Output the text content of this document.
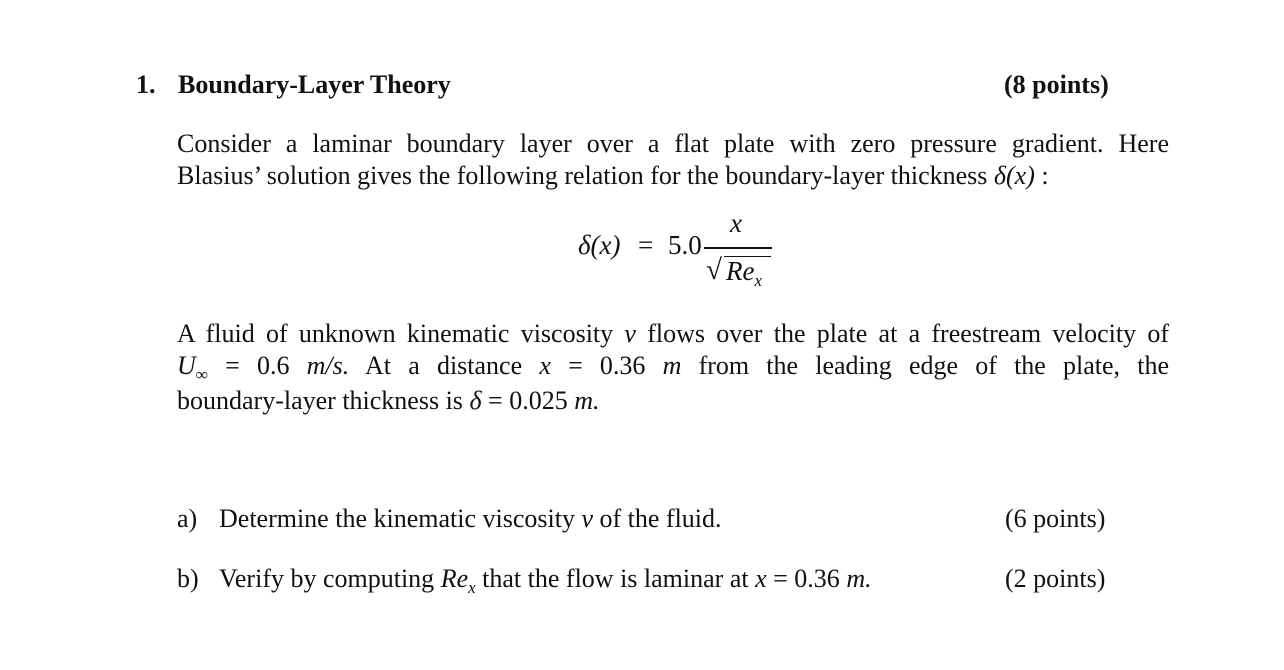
1. Boundary-Layer Theory	(8 points)
Consider a laminar boundary layer over a flat plate with zero pressure gradient. Here
Blasius’ solution gives the following relation for the boundary-layer thickness δ(x) :
δ(x) = 5.0
x
√ $Re_x$
A fluid of unknown kinematic viscosity ν flows over the plate at a freestream velocity of
$U_\infty = 0.6$ m/s. At a distance x = 0.36 m from the leading edge of the plate, the
boundary-layer thickness is δ = 0.025 m.
a) Determine the kinematic viscosity ν of the fluid.	(6 points)
b) Verify by computing $Re_x$ that the flow is laminar at x = 0.36 m.	(2 points)
